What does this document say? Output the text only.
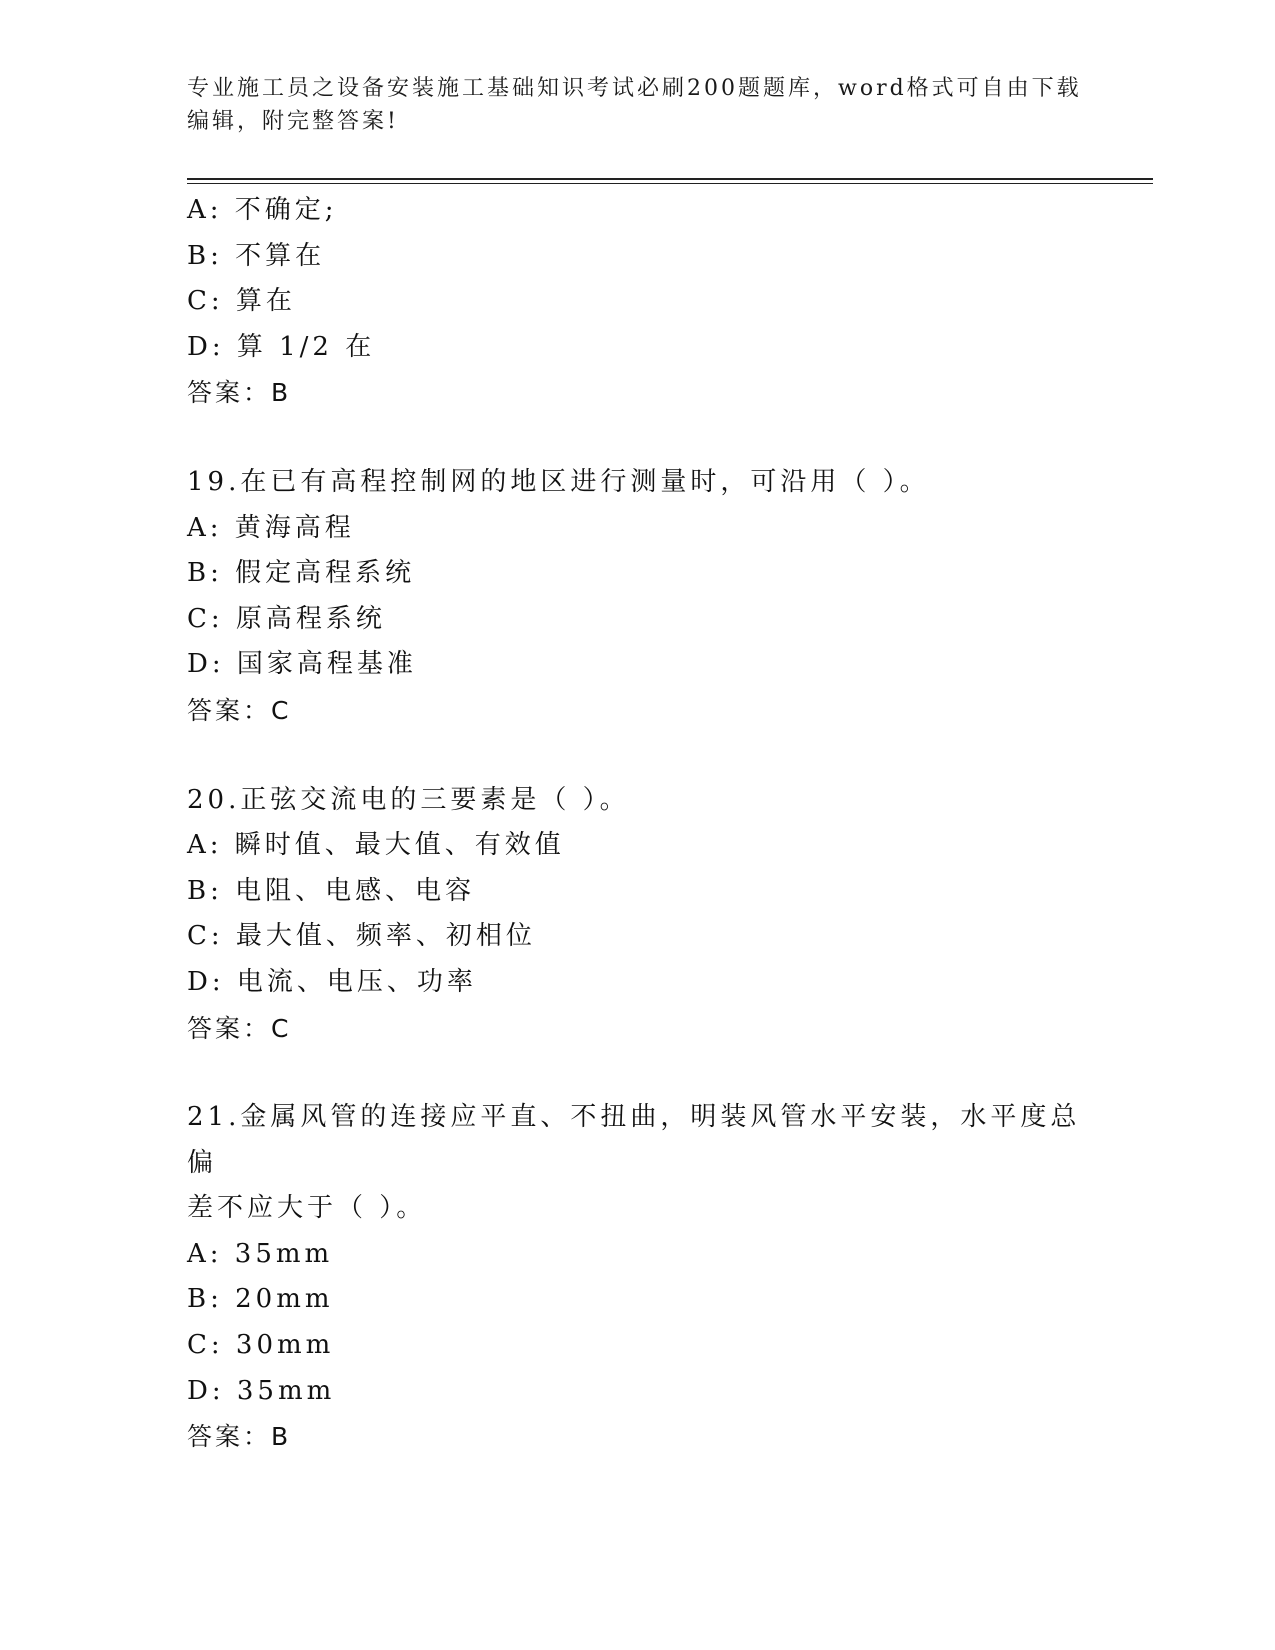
专业施工员之设备安装施工基础知识考试必刷200题题库，word格式可自由下载
编辑，附完整答案!
A: 不确定;
B: 不算在
C: 算在
D: 算 1/2 在
答案：B
19.在已有高程控制网的地区进行测量时，可沿用（ ）。
A: 黄海高程
B: 假定高程系统
C: 原高程系统
D: 国家高程基准
答案：C
20.正弦交流电的三要素是（ ）。
A: 瞬时值、最大值、有效值
B: 电阻、电感、电容
C: 最大值、频率、初相位
D: 电流、电压、功率
答案：C
21.金属风管的连接应平直、不扭曲，明装风管水平安装，水平度总偏
差不应大于（ ）。
A: 35mm
B: 20mm
C: 30mm
D: 35mm
答案：B
